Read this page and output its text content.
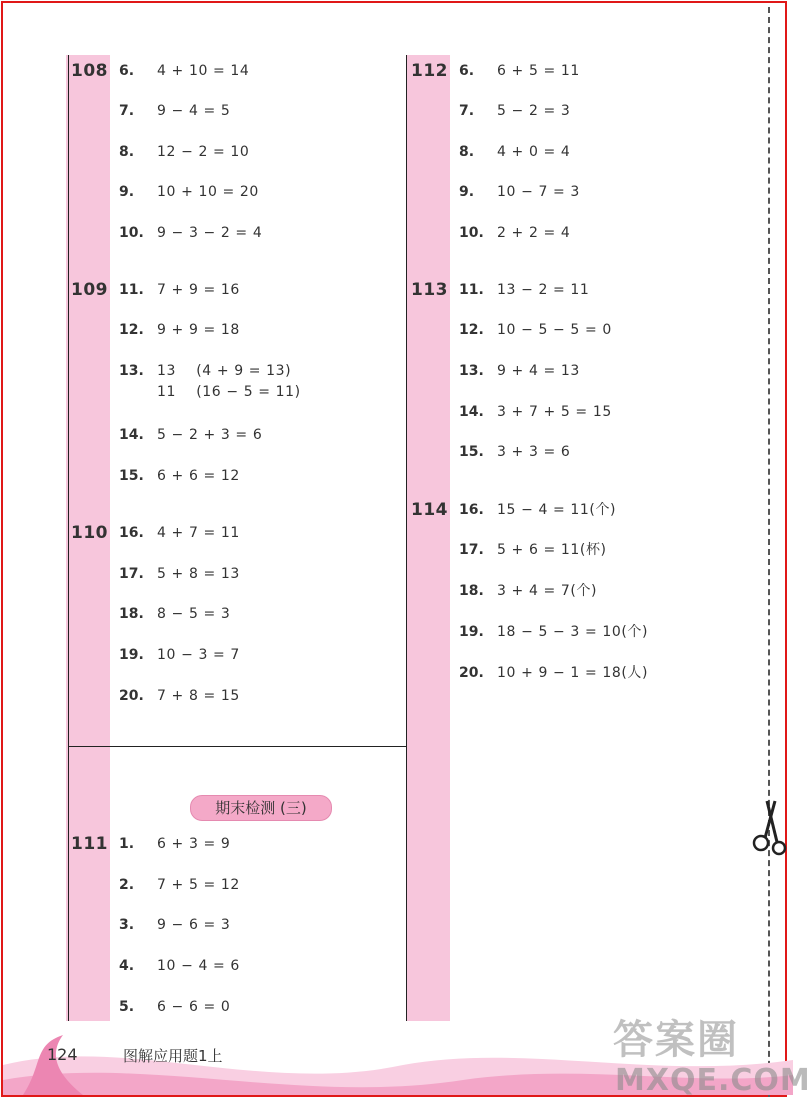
108 6. 4 + 10 = 14
7. 9 − 4 = 5
8. 12 − 2 = 10
9. 10 + 10 = 20
10. 9 − 3 − 2 = 4
109 11. 7 + 9 = 16
12. 9 + 9 = 18
13. 13    (4 + 9 = 13)
11    (16 − 5 = 11)
14. 5 − 2 + 3 = 6
15. 6 + 6 = 12
110 16. 4 + 7 = 11
17. 5 + 8 = 13
18. 8 − 5 = 3
19. 10 − 3 = 7
20. 7 + 8 = 15
期末检测 (三)
111 1. 6 + 3 = 9
2. 7 + 5 = 12
3. 9 − 6 = 3
4. 10 − 4 = 6
5. 6 − 6 = 0
112 6. 6 + 5 = 11
7. 5 − 2 = 3
8. 4 + 0 = 4
9. 10 − 7 = 3
10. 2 + 2 = 4
113 11. 13 − 2 = 11
12. 10 − 5 − 5 = 0
13. 9 + 4 = 13
14. 3 + 7 + 5 = 15
15. 3 + 3 = 6
114 16. 15 − 4 = 11(个)
17. 5 + 6 = 11(杯)
18. 3 + 4 = 7(个)
19. 18 − 5 − 3 = 10(个)
20. 10 + 9 − 1 = 18(人)
124	图解应用题1上	答案圈
MXQE.COM
